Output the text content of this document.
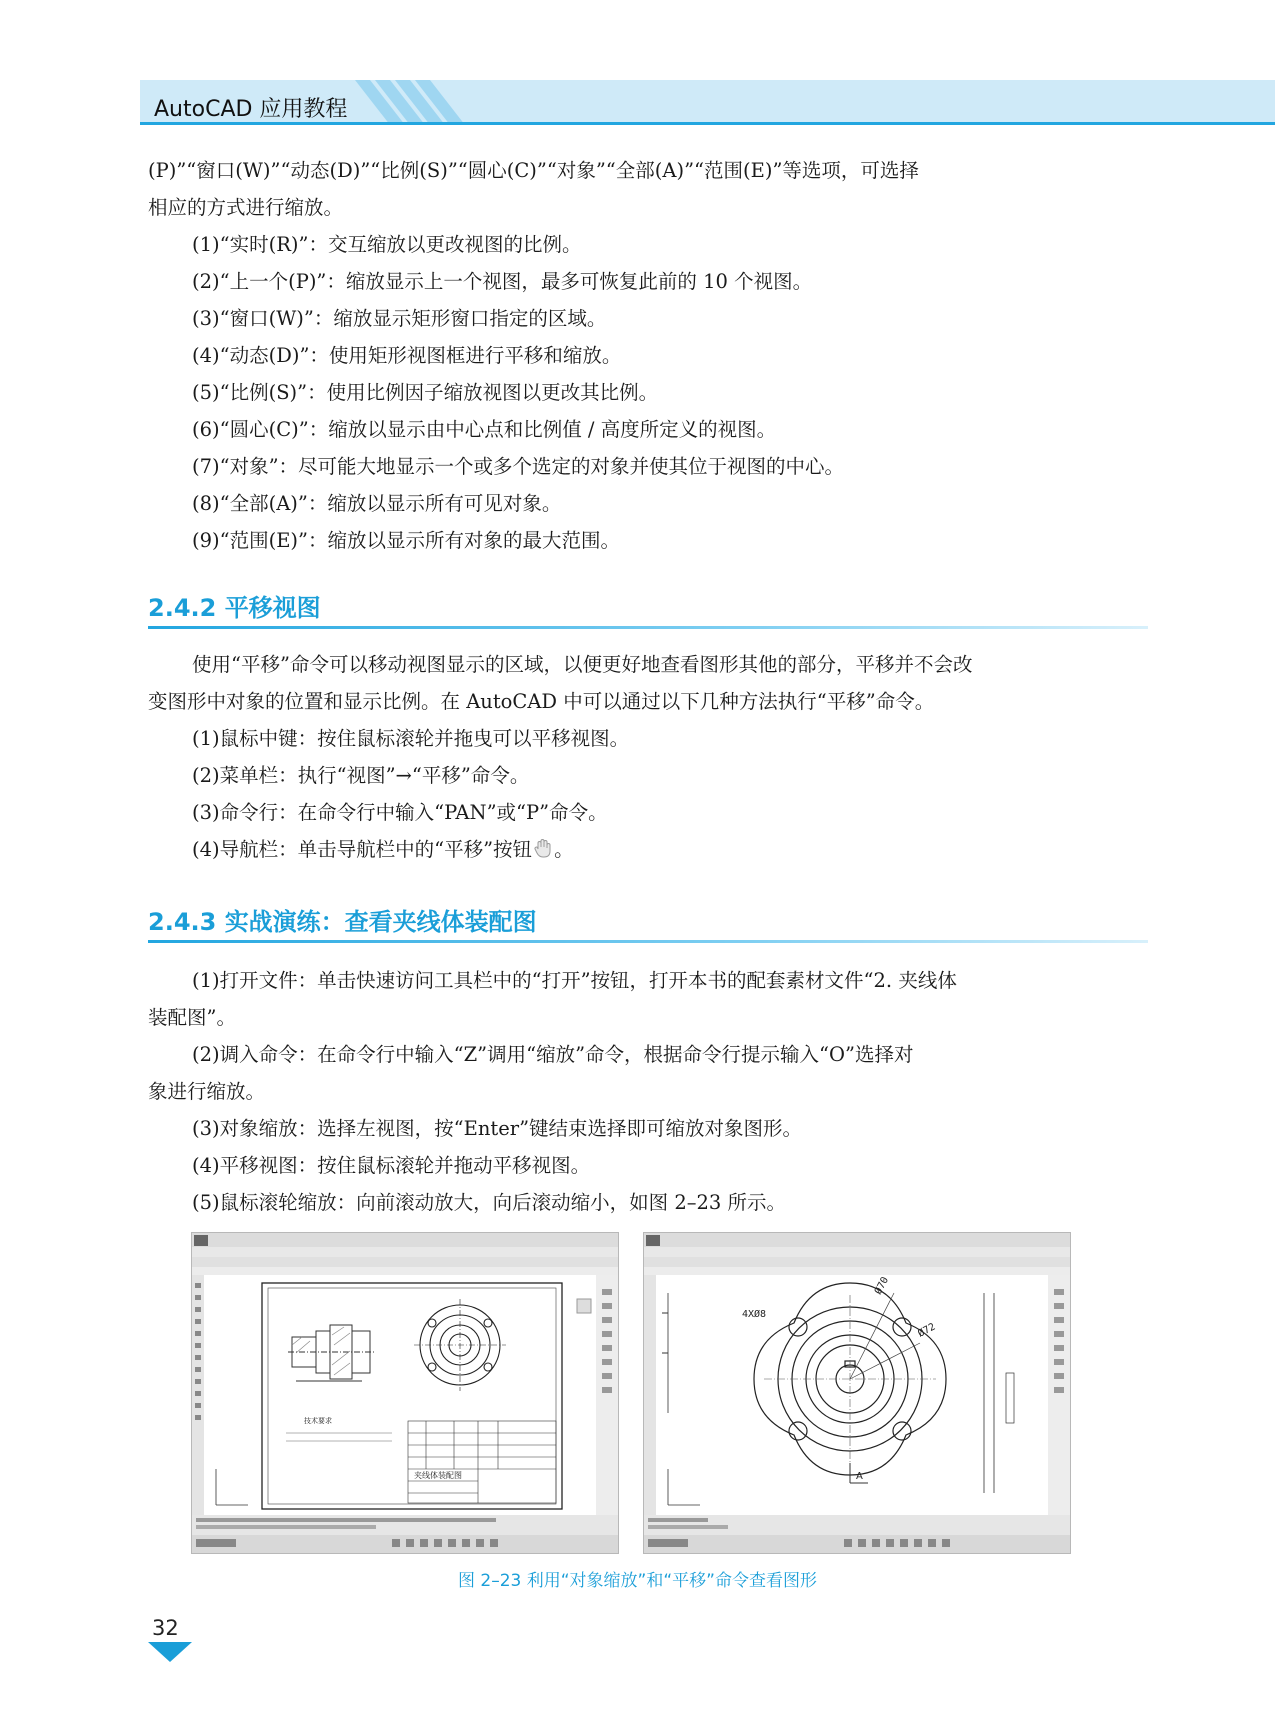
AutoCAD 应用教程

(P)”“窗口(W)”“动态(D)”“比例(S)”“圆心(C)”“对象”“全部(A)”“范围(E)”等选项，可选择

相应的方式进行缩放。

(1)“实时(R)”：交互缩放以更改视图的比例。

(2)“上一个(P)”：缩放显示上一个视图，最多可恢复此前的 10 个视图。

(3)“窗口(W)”：缩放显示矩形窗口指定的区域。

(4)“动态(D)”：使用矩形视图框进行平移和缩放。

(5)“比例(S)”：使用比例因子缩放视图以更改其比例。

(6)“圆心(C)”：缩放以显示由中心点和比例值 / 高度所定义的视图。

(7)“对象”：尽可能大地显示一个或多个选定的对象并使其位于视图的中心。

(8)“全部(A)”：缩放以显示所有可见对象。

(9)“范围(E)”：缩放以显示所有对象的最大范围。

2.4.2 平移视图

使用“平移”命令可以移动视图显示的区域，以便更好地查看图形其他的部分，平移并不会改

变图形中对象的位置和显示比例。在 AutoCAD 中可以通过以下几种方法执行“平移”命令。

(1)鼠标中键：按住鼠标滚轮并拖曳可以平移视图。

(2)菜单栏：执行“视图”→“平移”命令。

(3)命令行：在命令行中输入“PAN”或“P”命令。

(4)导航栏：单击导航栏中的“平移”按钮 。

2.4.3 实战演练：查看夹线体装配图

(1)打开文件：单击快速访问工具栏中的“打开”按钮，打开本书的配套素材文件“2. 夹线体

装配图”。

(2)调入命令：在命令行中输入“Z”调用“缩放”命令，根据命令行提示输入“O”选择对

象进行缩放。

(3)对象缩放：选择左视图，按“Enter”键结束选择即可缩放对象图形。

(4)平移视图：按住鼠标滚轮并拖动平移视图。

(5)鼠标滚轮缩放：向前滚动放大，向后滚动缩小，如图 2–23 所示。

夹线体装配图
技术要求
4XØ8
Ø70
Ø72
A
图 2–23 利用“对象缩放”和“平移”命令查看图形
32
